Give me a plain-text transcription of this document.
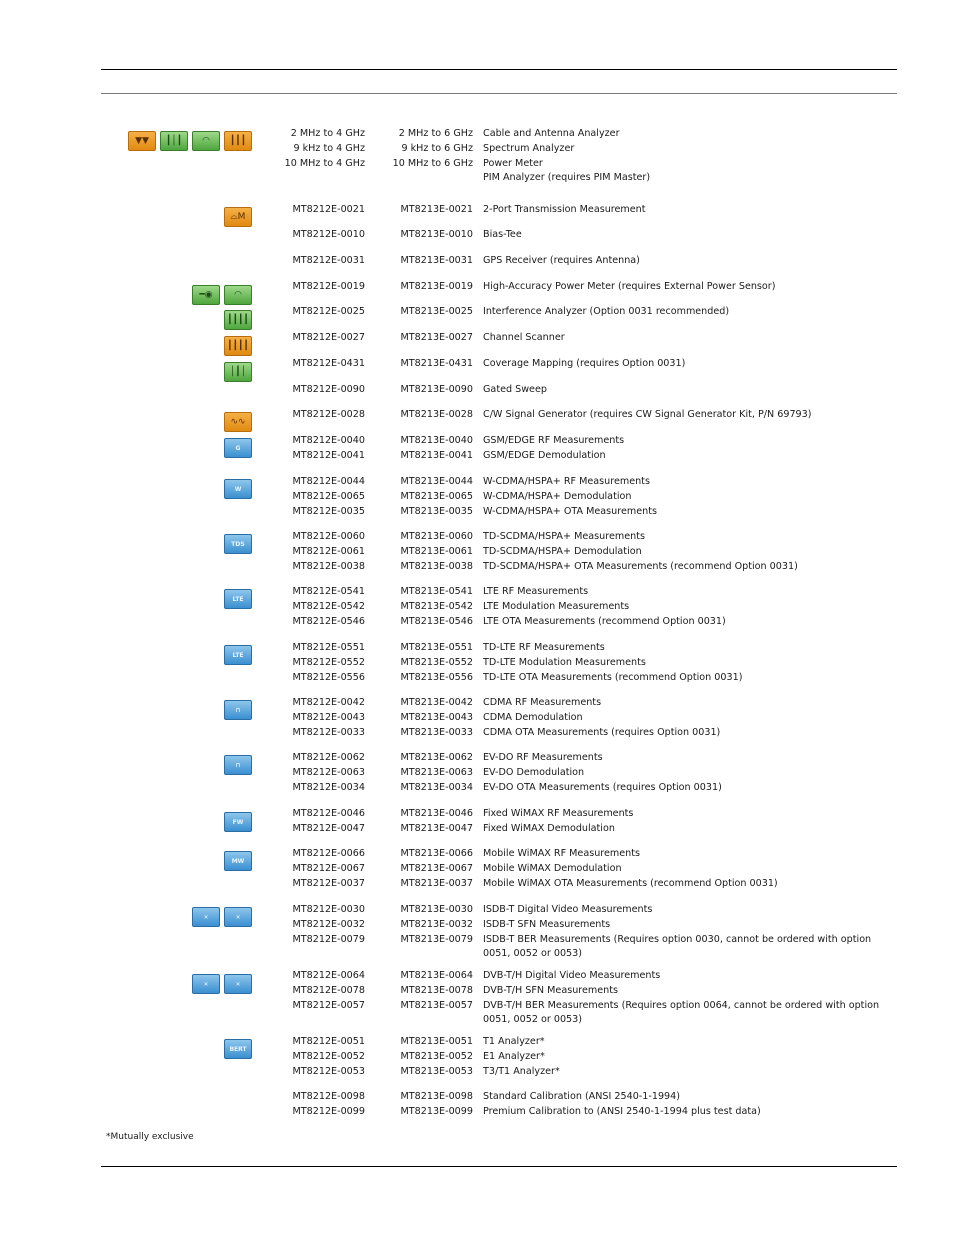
▼▼	┃│┃	◠	┃┃┃
2 MHz to 4 GHz	2 MHz to 6 GHz Cable and Antenna Analyzer
9 kHz to 4 GHz	9 kHz to 6 GHz Spectrum Analyzer
10 MHz to 4 GHz	10 MHz to 6 GHz Power Meter
PIM Analyzer (requires PIM Master)
⌓M
MT8212E-0021	MT8213E-0021 2-Port Transmission Measurement
MT8212E-0010	MT8213E-0010 Bias-Tee
MT8212E-0031	MT8213E-0031 GPS Receiver (requires Antenna)
━◉	◠
MT8212E-0019	MT8213E-0019 High-Accuracy Power Meter (requires External Power Sensor)
┃┃┃┃
MT8212E-0025	MT8213E-0025 Interference Analyzer (Option 0031 recommended)
┃┃┃┃
MT8212E-0027	MT8213E-0027 Channel Scanner
│┃│
MT8212E-0431	MT8213E-0431 Coverage Mapping (requires Option 0031)
MT8212E-0090	MT8213E-0090 Gated Sweep
∿∿
MT8212E-0028	MT8213E-0028 C/W Signal Generator (requires CW Signal Generator Kit, P/N 69793)
G
MT8212E-0040	MT8213E-0040 GSM/EDGE RF Measurements
MT8212E-0041	MT8213E-0041 GSM/EDGE Demodulation
W
MT8212E-0044	MT8213E-0044 W-CDMA/HSPA+ RF Measurements
MT8212E-0065	MT8213E-0065 W-CDMA/HSPA+ Demodulation
MT8212E-0035	MT8213E-0035 W-CDMA/HSPA+ OTA Measurements
TDS
MT8212E-0060	MT8213E-0060 TD-SCDMA/HSPA+ Measurements
MT8212E-0061	MT8213E-0061 TD-SCDMA/HSPA+ Demodulation
MT8212E-0038	MT8213E-0038 TD-SCDMA/HSPA+ OTA Measurements (recommend Option 0031)
LTE
MT8212E-0541	MT8213E-0541 LTE RF Measurements
MT8212E-0542	MT8213E-0542 LTE Modulation Measurements
MT8212E-0546	MT8213E-0546 LTE OTA Measurements (recommend Option 0031)
LTE
MT8212E-0551	MT8213E-0551 TD-LTE RF Measurements
MT8212E-0552	MT8213E-0552 TD-LTE Modulation Measurements
MT8212E-0556	MT8213E-0556 TD-LTE OTA Measurements (recommend Option 0031)
⊓
MT8212E-0042	MT8213E-0042 CDMA RF Measurements
MT8212E-0043	MT8213E-0043 CDMA Demodulation
MT8212E-0033	MT8213E-0033 CDMA OTA Measurements (requires Option 0031)
⊓
MT8212E-0062	MT8213E-0062 EV-DO RF Measurements
MT8212E-0063	MT8213E-0063 EV-DO Demodulation
MT8212E-0034	MT8213E-0034 EV-DO OTA Measurements (requires Option 0031)
FW
MT8212E-0046	MT8213E-0046 Fixed WiMAX RF Measurements
MT8212E-0047	MT8213E-0047 Fixed WiMAX Demodulation
MW
MT8212E-0066	MT8213E-0066 Mobile WiMAX RF Measurements
MT8212E-0067	MT8213E-0067 Mobile WiMAX Demodulation
MT8212E-0037	MT8213E-0037 Mobile WiMAX OTA Measurements (recommend Option 0031)
✕	✕
MT8212E-0030	MT8213E-0030 ISDB-T Digital Video Measurements
MT8212E-0032	MT8213E-0032 ISDB-T SFN Measurements
MT8212E-0079	MT8213E-0079 ISDB-T BER Measurements (Requires option 0030, cannot be ordered with option 0051, 0052 or 0053)
✕	✕
MT8212E-0064	MT8213E-0064 DVB-T/H Digital Video Measurements
MT8212E-0078	MT8213E-0078 DVB-T/H SFN Measurements
MT8212E-0057	MT8213E-0057 DVB-T/H BER Measurements (Requires option 0064, cannot be ordered with option 0051, 0052 or 0053)
BERT
MT8212E-0051	MT8213E-0051 T1 Analyzer*
MT8212E-0052	MT8213E-0052 E1 Analyzer*
MT8212E-0053	MT8213E-0053 T3/T1 Analyzer*
MT8212E-0098	MT8213E-0098 Standard Calibration (ANSI 2540-1-1994)
MT8212E-0099	MT8213E-0099 Premium Calibration to (ANSI 2540-1-1994 plus test data)
*Mutually exclusive
